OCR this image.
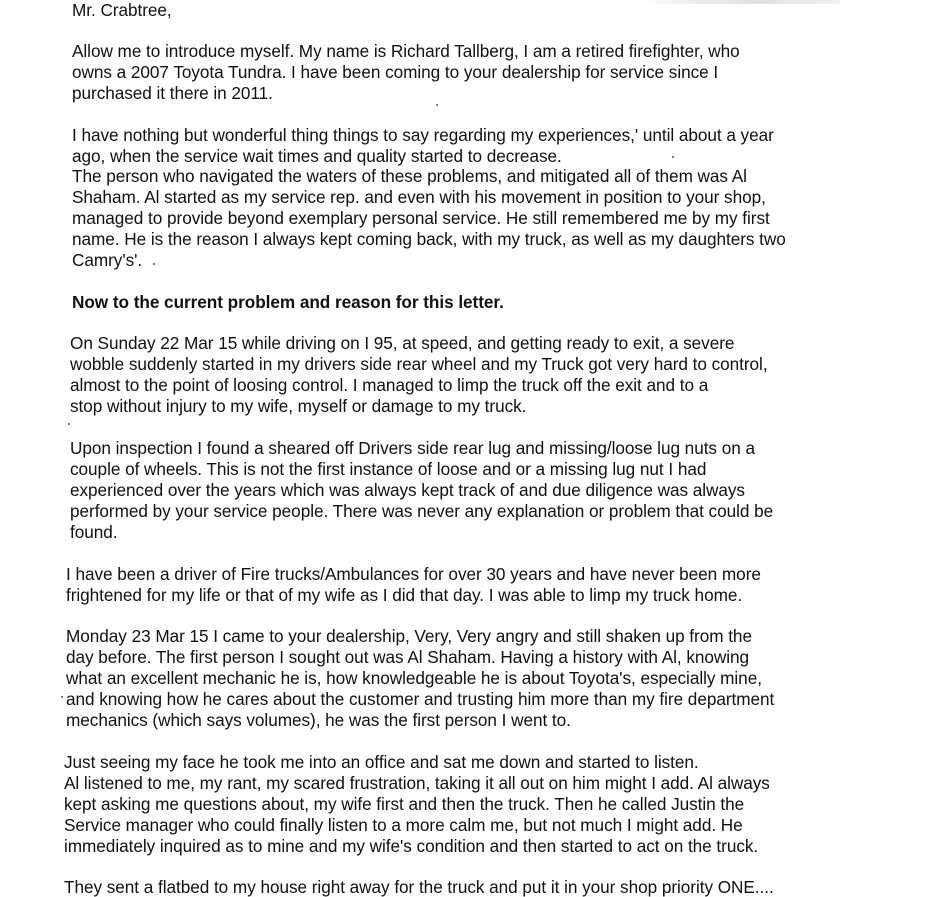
Mr. Crabtree,
Allow me to introduce myself. My name is Richard Tallberg, I am a retired firefighter, who
owns a 2007 Toyota Tundra. I have been coming to your dealership for service since I
purchased it there in 2011.
I have nothing but wonderful thing things to say regarding my experiences,' until about a year
ago, when the service wait times and quality started to decrease.
The person who navigated the waters of these problems, and mitigated all of them was Al
Shaham. Al started as my service rep. and even with his movement in position to your shop,
managed to provide beyond exemplary personal service. He still remembered me by my first
name. He is the reason I always kept coming back, with my truck, as well as my daughters two
Camry's'.
Now to the current problem and reason for this letter.
On Sunday 22 Mar 15 while driving on I 95, at speed, and getting ready to exit, a severe
wobble suddenly started in my drivers side rear wheel and my Truck got very hard to control,
almost to the point of loosing control. I managed to limp the truck off the exit and to a
stop without injury to my wife, myself or damage to my truck.
Upon inspection I found a sheared off Drivers side rear lug and missing/loose lug nuts on a
couple of wheels. This is not the first instance of loose and or a missing lug nut I had
experienced over the years which was always kept track of and due diligence was always
performed by your service people. There was never any explanation or problem that could be
found.
I have been a driver of Fire trucks/Ambulances for over 30 years and have never been more
frightened for my life or that of my wife as I did that day. I was able to limp my truck home.
Monday 23 Mar 15 I came to your dealership, Very, Very angry and still shaken up from the
day before. The first person I sought out was Al Shaham. Having a history with Al, knowing
what an excellent mechanic he is, how knowledgeable he is about Toyota's, especially mine,
and knowing how he cares about the customer and trusting him more than my fire department
mechanics (which says volumes), he was the first person I went to.
Just seeing my face he took me into an office and sat me down and started to listen.
Al listened to me, my rant, my scared frustration, taking it all out on him might I add. Al always
kept asking me questions about, my wife first and then the truck. Then he called Justin the
Service manager who could finally listen to a more calm me, but not much I might add. He
immediately inquired as to mine and my wife's condition and then started to act on the truck.
They sent a flatbed to my house right away for the truck and put it in your shop priority ONE....
